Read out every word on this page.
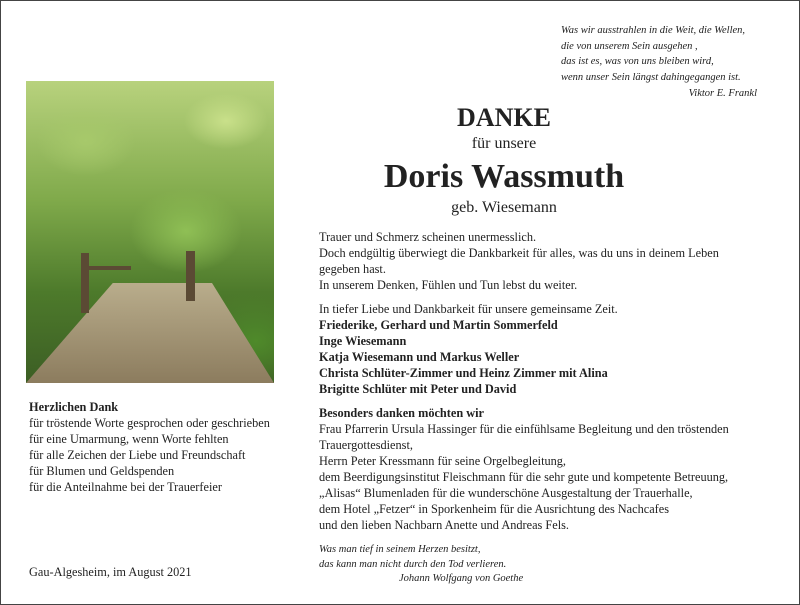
Was wir ausstrahlen in die Weit, die Wellen,
die von unserem Sein ausgehen ,
das ist es, was von uns bleiben wird,
wenn unser Sein längst dahingegangen ist.
Viktor E. Frankl
DANKE
für unsere
Doris Wassmuth
geb. Wiesemann
Trauer und Schmerz scheinen unermesslich.
Doch endgültig überwiegt die Dankbarkeit für alles, was du uns in deinem Leben
gegeben hast.
In unserem Denken, Fühlen und Tun lebst du weiter.
In tiefer Liebe und Dankbarkeit für unsere gemeinsame Zeit.
Friederike, Gerhard und Martin Sommerfeld
Inge Wiesemann
Katja Wiesemann und Markus Weller
Christa Schlüter-Zimmer und Heinz Zimmer mit Alina
Brigitte Schlüter mit Peter und David
Besonders danken möchten wir
Frau Pfarrerin Ursula Hassinger für die einfühlsame Begleitung und den tröstenden
Trauergottesdienst,
Herrn Peter Kressmann für seine Orgelbegleitung,
dem Beerdigungsinstitut Fleischmann für die sehr gute und kompetente Betreuung,
„Alisas“ Blumenladen für die wunderschöne Ausgestaltung der Trauerhalle,
dem Hotel „Fetzer“ in Sporkenheim für die Ausrichtung des Nachcafes
und den lieben Nachbarn Anette und Andreas Fels.
Was man tief in seinem Herzen besitzt,
das kann man nicht durch den Tod verlieren.
Johann Wolfgang von Goethe
Herzlichen Dank
für tröstende Worte gesprochen oder geschrieben
für eine Umarmung, wenn Worte fehlten
für alle Zeichen der Liebe und Freundschaft
für Blumen und Geldspenden
für die Anteilnahme bei der Trauerfeier
Gau-Algesheim, im August 2021
